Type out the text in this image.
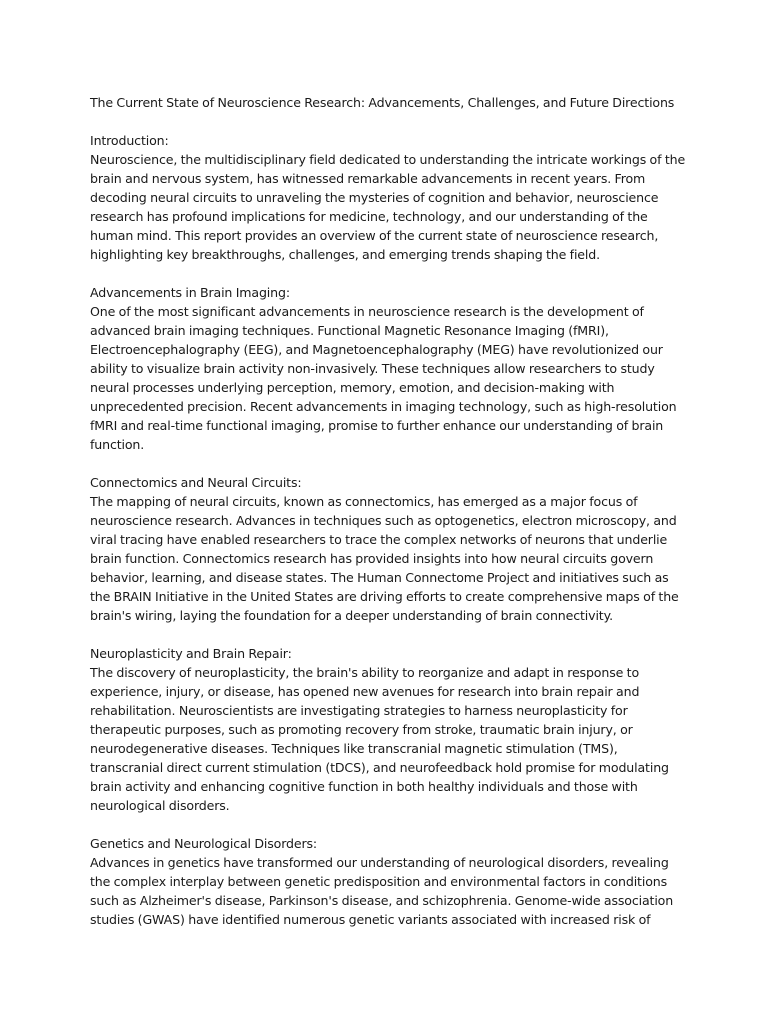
The Current State of Neuroscience Research: Advancements, Challenges, and Future Directions

Introduction:

Neuroscience, the multidisciplinary field dedicated to understanding the intricate workings of the brain and nervous system, has witnessed remarkable advancements in recent years. From decoding neural circuits to unraveling the mysteries of cognition and behavior, neuroscience research has profound implications for medicine, technology, and our understanding of the human mind. This report provides an overview of the current state of neuroscience research, highlighting key breakthroughs, challenges, and emerging trends shaping the field.

Advancements in Brain Imaging:

One of the most significant advancements in neuroscience research is the development of advanced brain imaging techniques. Functional Magnetic Resonance Imaging (fMRI), Electroencephalography (EEG), and Magnetoencephalography (MEG) have revolutionized our ability to visualize brain activity non-invasively. These techniques allow researchers to study neural processes underlying perception, memory, emotion, and decision-making with unprecedented precision. Recent advancements in imaging technology, such as high-resolution fMRI and real-time functional imaging, promise to further enhance our understanding of brain function.

Connectomics and Neural Circuits:

The mapping of neural circuits, known as connectomics, has emerged as a major focus of neuroscience research. Advances in techniques such as optogenetics, electron microscopy, and viral tracing have enabled researchers to trace the complex networks of neurons that underlie brain function. Connectomics research has provided insights into how neural circuits govern behavior, learning, and disease states. The Human Connectome Project and initiatives such as the BRAIN Initiative in the United States are driving efforts to create comprehensive maps of the brain's wiring, laying the foundation for a deeper understanding of brain connectivity.

Neuroplasticity and Brain Repair:

The discovery of neuroplasticity, the brain's ability to reorganize and adapt in response to experience, injury, or disease, has opened new avenues for research into brain repair and rehabilitation. Neuroscientists are investigating strategies to harness neuroplasticity for therapeutic purposes, such as promoting recovery from stroke, traumatic brain injury, or neurodegenerative diseases. Techniques like transcranial magnetic stimulation (TMS), transcranial direct current stimulation (tDCS), and neurofeedback hold promise for modulating brain activity and enhancing cognitive function in both healthy individuals and those with neurological disorders.

Genetics and Neurological Disorders:

Advances in genetics have transformed our understanding of neurological disorders, revealing the complex interplay between genetic predisposition and environmental factors in conditions such as Alzheimer's disease, Parkinson's disease, and schizophrenia. Genome-wide association studies (GWAS) have identified numerous genetic variants associated with increased risk of
